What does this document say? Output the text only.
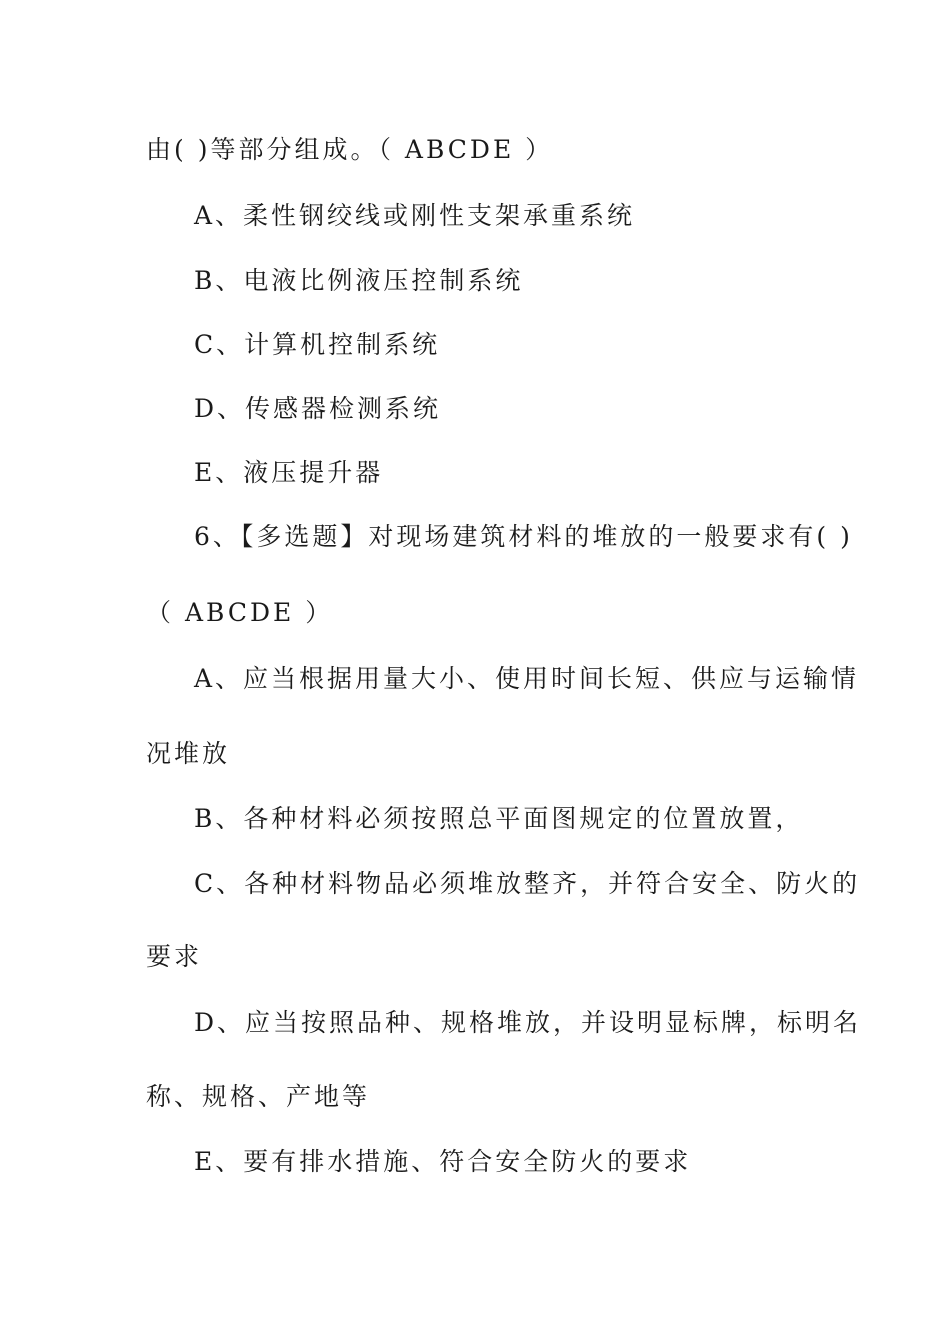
由( )等部分组成。（ ABCDE ）
A、柔性钢绞线或刚性支架承重系统
B、电液比例液压控制系统
C、计算机控制系统
D、传感器检测系统
E、液压提升器
6、【多选题】对现场建筑材料的堆放的一般要求有( )
（ ABCDE ）
A、应当根据用量大小、使用时间长短、供应与运输情
况堆放
B、各种材料必须按照总平面图规定的位置放置，
C、各种材料物品必须堆放整齐，并符合安全、防火的
要求
D、应当按照品种、规格堆放，并设明显标牌，标明名
称、规格、产地等
E、要有排水措施、符合安全防火的要求
